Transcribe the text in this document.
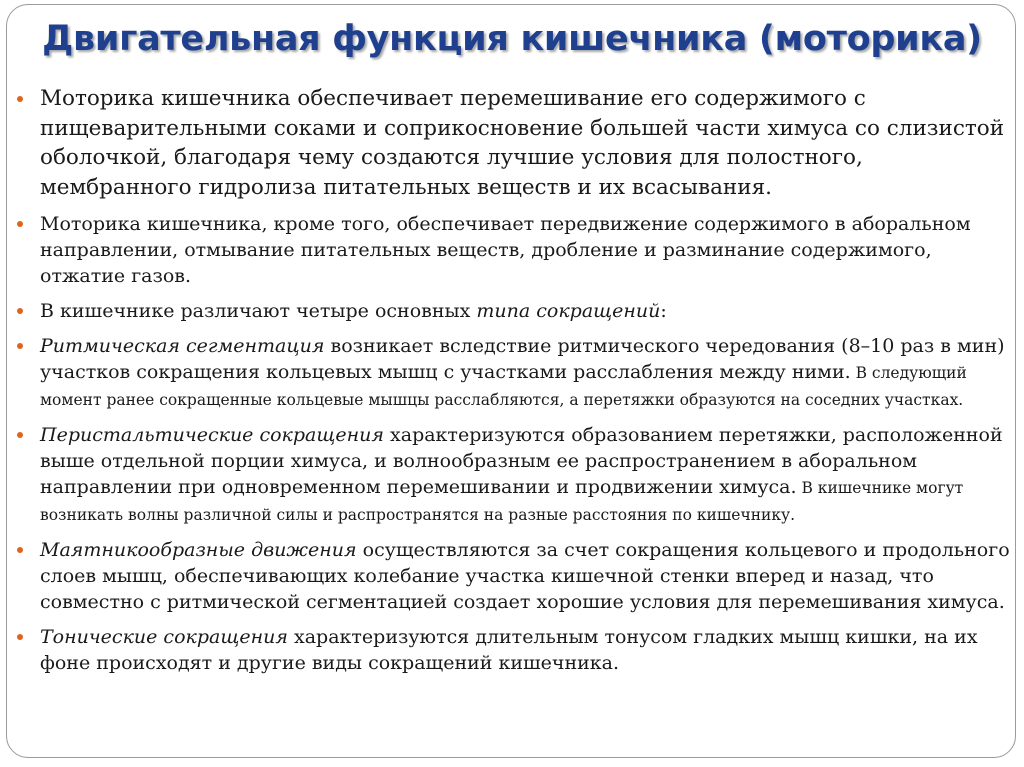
Двигательная функция кишечника (моторика)
Моторика кишечника обеспечивает перемешивание его содержимого с пищеварительными соками и соприкосновение большей части химуса со слизистой оболочкой, благодаря чему создаются лучшие условия для полостного, мембранного гидролиза питательных веществ и их всасывания.
Моторика кишечника, кроме того, обеспечивает передвижение содержимого в аборальном направлении, отмывание питательных веществ, дробление и разминание содержимого, отжатие газов.
В кишечнике различают четыре основных типа сокращений:
Ритмическая сегментация возникает вследствие ритмического чередования (8–10 раз в мин) участков сокращения кольцевых мышц с участками расслабления между ними. В следующий момент ранее сокращенные кольцевые мышцы расслабляются, а перетяжки образуются на соседних участках.
Перистальтические сокращения характеризуются образованием перетяжки, расположенной выше отдельной порции химуса, и волнообразным ее распространением в аборальном направлении при одновременном перемешивании и продвижении химуса. В кишечнике могут возникать волны различной силы и распространятся на разные расстояния по кишечнику.
Маятникообразные движения осуществляются за счет сокращения кольцевого и продольного слоев мышц, обеспечивающих колебание участка кишечной стенки вперед и назад, что совместно с ритмической сегментацией создает хорошие условия для перемешивания химуса.
Тонические сокращения характеризуются длительным тонусом гладких мышц кишки, на их фоне происходят и другие виды сокращений кишечника.
